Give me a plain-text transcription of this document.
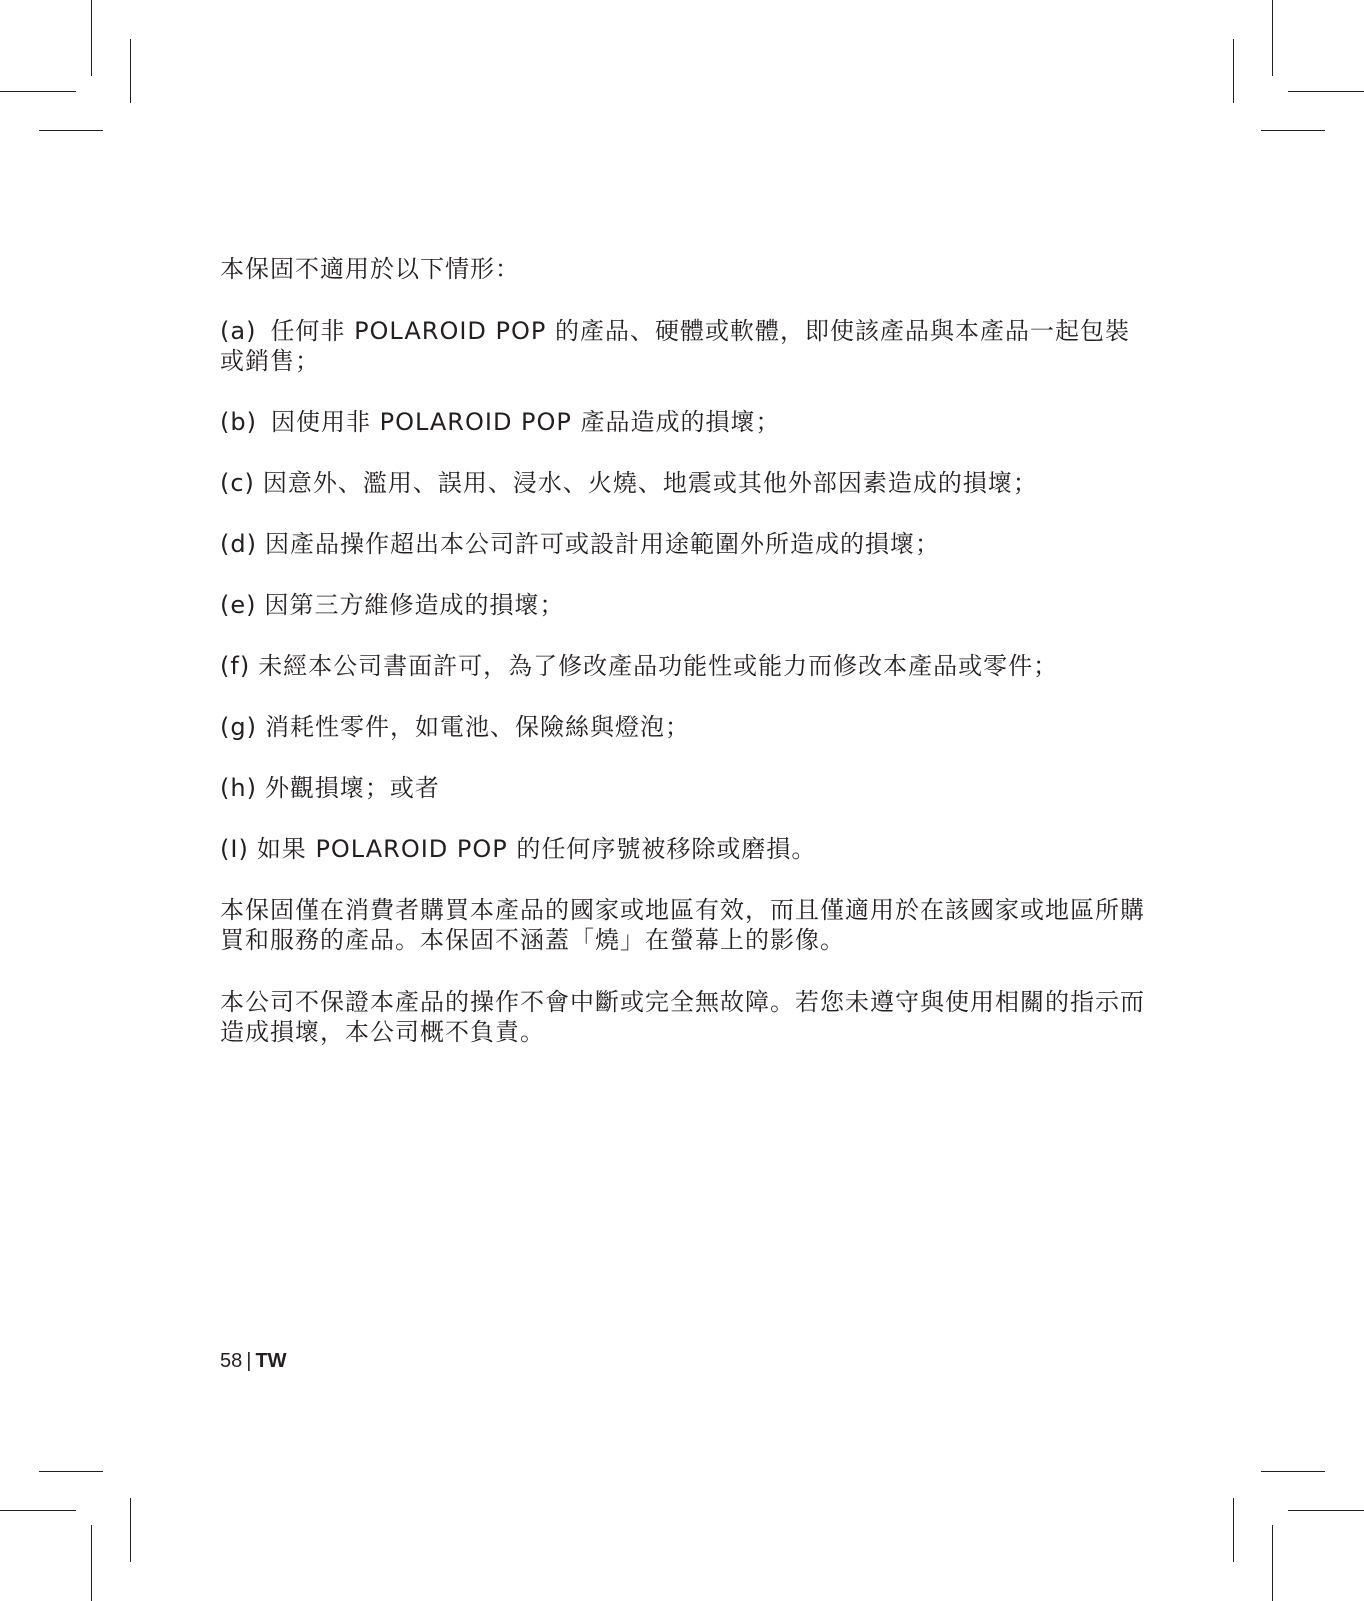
本保固不適用於以下情形：

(a) 任何非 POLAROID POP 的產品、硬體或軟體，即使該產品與本產品一起包裝或銷售；
(b) 因使用非 POLAROID POP 產品造成的損壞；
(c) 因意外、濫用、誤用、浸水、火燒、地震或其他外部因素造成的損壞；
(d) 因產品操作超出本公司許可或設計用途範圍外所造成的損壞；
(e) 因第三方維修造成的損壞；
(f) 未經本公司書面許可，為了修改產品功能性或能力而修改本產品或零件；
(g) 消耗性零件，如電池、保險絲與燈泡；
(h) 外觀損壞；或者
(I) 如果 POLAROID POP 的任何序號被移除或磨損。

本保固僅在消費者購買本產品的國家或地區有效，而且僅適用於在該國家或地區所購買和服務的產品。本保固不涵蓋「燒」在螢幕上的影像。

本公司不保證本產品的操作不會中斷或完全無故障。若您未遵守與使用相關的指示而造成損壞，本公司概不負責。

58 | TW
